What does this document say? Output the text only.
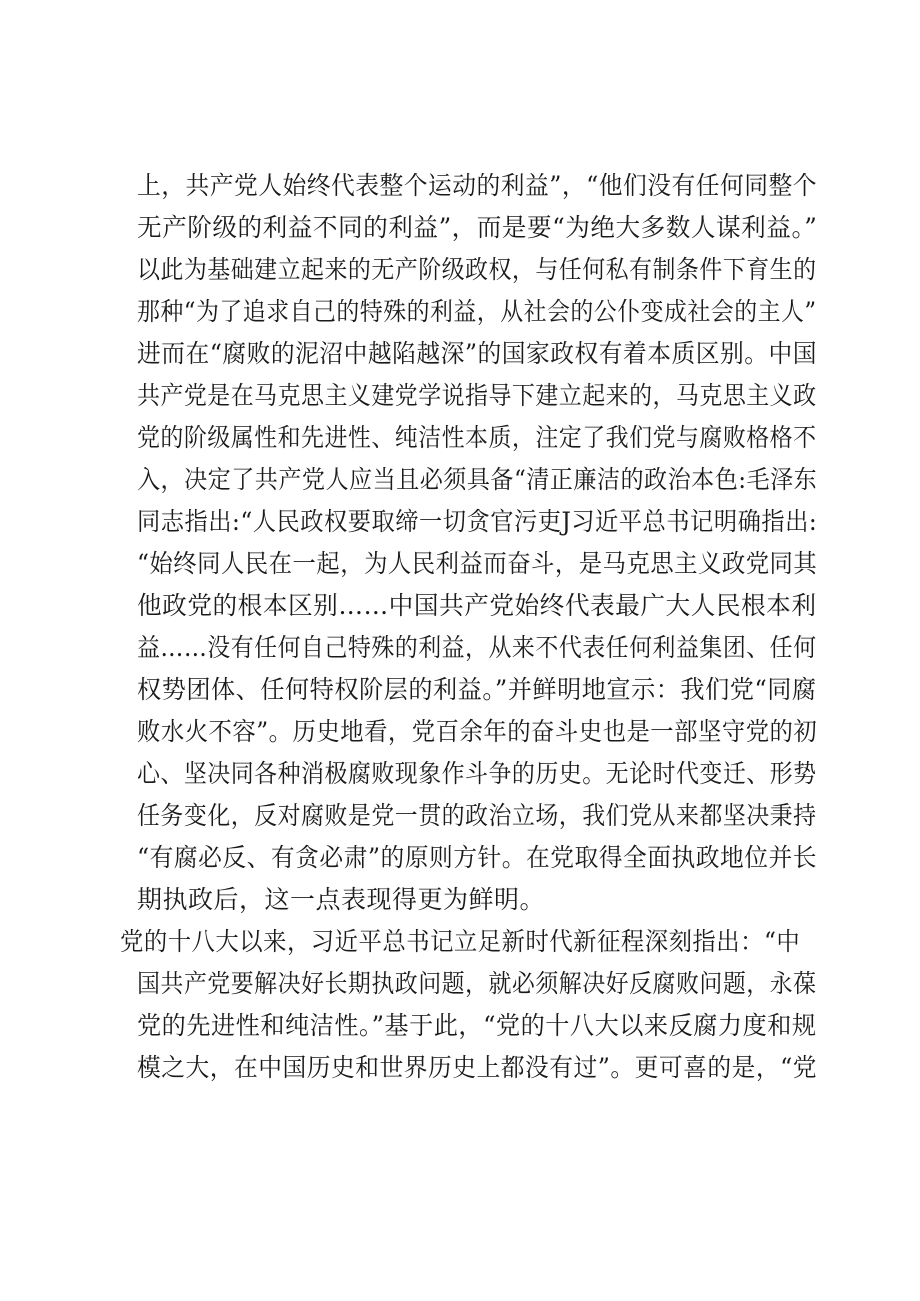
上，共产党人始终代表整个运动的利益”，“他们没有任何同整个
无产阶级的利益不同的利益”，而是要“为绝大多数人谋利益。”
以此为基础建立起来的无产阶级政权，与任何私有制条件下育生的
那种“为了追求自己的特殊的利益，从社会的公仆变成社会的主人”
进而在“腐败的泥沼中越陷越深”的国家政权有着本质区别。中国
共产党是在马克思主义建党学说指导下建立起来的，马克思主义政
党的阶级属性和先进性、纯洁性本质，注定了我们党与腐败格格不
入，决定了共产党人应当且必须具备“清正廉洁的政治本色:毛泽东
同志指出:“人民政权要取缔一切贪官污吏J习近平总书记明确指出:
“始终同人民在一起，为人民利益而奋斗，是马克思主义政党同其
他政党的根本区别……中国共产党始终代表最广大人民根本利
益……没有任何自己特殊的利益，从来不代表任何利益集团、任何
权势团体、任何特权阶层的利益。”并鲜明地宣示：我们党“同腐
败水火不容”。历史地看，党百余年的奋斗史也是一部坚守党的初
心、坚决同各种消极腐败现象作斗争的历史。无论时代变迁、形势
任务变化，反对腐败是党一贯的政治立场，我们党从来都坚决秉持
“有腐必反、有贪必肃”的原则方针。在党取得全面执政地位并长
期执政后，这一点表现得更为鲜明。
党的十八大以来，习近平总书记立足新时代新征程深刻指出：“中
国共产党要解决好长期执政问题，就必须解决好反腐败问题，永葆
党的先进性和纯洁性。”基于此，“党的十八大以来反腐力度和规
模之大，在中国历史和世界历史上都没有过”。更可喜的是，“党
